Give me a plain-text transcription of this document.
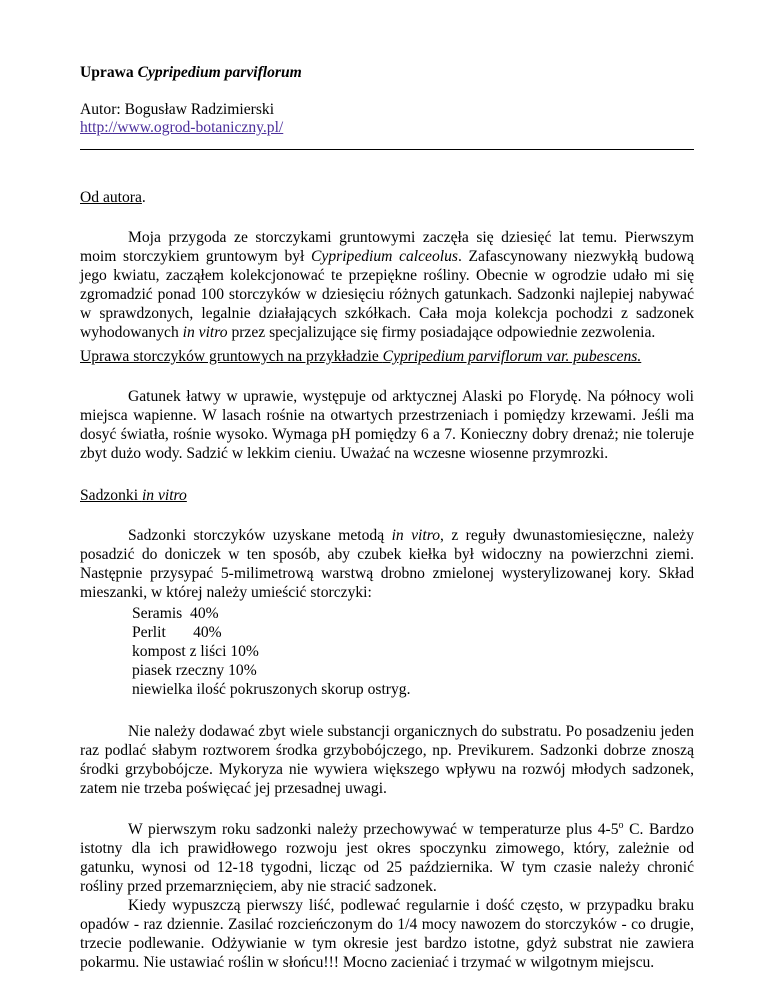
Uprawa Cypripedium parviflorum
Autor: Bogusław Radzimierski
http://www.ogrod-botaniczny.pl/
Od autora.

Moja przygoda ze storczykami gruntowymi zaczęła się dziesięć lat temu. Pierwszym moim storczykiem gruntowym był Cypripedium calceolus. Zafascynowany niezwykłą budową jego kwiatu, zacząłem kolekcjonować te przepiękne rośliny. Obecnie w ogrodzie udało mi się zgromadzić ponad 100 storczyków w dziesięciu różnych gatunkach. Sadzonki najlepiej nabywać w sprawdzonych, legalnie działających szkółkach. Cała moja kolekcja pochodzi z sadzonek wyhodowanych in vitro przez specjalizujące się firmy posiadające odpowiednie zezwolenia.

Uprawa storczyków gruntowych na przykładzie Cypripedium parviflorum var. pubescens.

Gatunek łatwy w uprawie, występuje od arktycznej Alaski po Florydę. Na północy woli miejsca wapienne. W lasach rośnie na otwartych przestrzeniach i pomiędzy krzewami. Jeśli ma dosyć światła, rośnie wysoko. Wymaga pH pomiędzy 6 a 7. Konieczny dobry drenaż; nie toleruje zbyt dużo wody. Sadzić w lekkim cieniu. Uważać na wczesne wiosenne przymrozki.

Sadzonki in vitro

Sadzonki storczyków uzyskane metodą in vitro, z reguły dwunastomiesięczne, należy posadzić do doniczek w ten sposób, aby czubek kiełka był widoczny na powierzchni ziemi. Następnie przysypać 5-milimetrową warstwą drobno zmielonej wysterylizowanej kory. Skład mieszanki, w której należy umieścić storczyki:

Seramis  40%
Perlit       40%
kompost z liści 10%
piasek rzeczny 10%
niewielka ilość pokruszonych skorup ostryg.

Nie należy dodawać zbyt wiele substancji organicznych do substratu. Po posadzeniu jeden raz podlać słabym roztworem środka grzybobójczego, np. Previkurem. Sadzonki dobrze znoszą środki grzybobójcze. Mykoryza nie wywiera większego wpływu na rozwój młodych sadzonek, zatem nie trzeba poświęcać jej przesadnej uwagi.

W pierwszym roku sadzonki należy przechowywać w temperaturze plus 4-5$^o$ C. Bardzo istotny dla ich prawidłowego rozwoju jest okres spoczynku zimowego, który, zależnie od gatunku, wynosi od 12-18 tygodni, licząc od 25 października. W tym czasie należy chronić rośliny przed przemarznięciem, aby nie stracić sadzonek.

Kiedy wypuszczą pierwszy liść, podlewać regularnie i dość często, w przypadku braku opadów - raz dziennie. Zasilać rozcieńczonym do 1/4 mocy nawozem do storczyków - co drugie, trzecie podlewanie. Odżywianie w tym okresie jest bardzo istotne, gdyż substrat nie zawiera pokarmu. Nie ustawiać roślin w słońcu!!! Mocno zacieniać i trzymać w wilgotnym miejscu.
